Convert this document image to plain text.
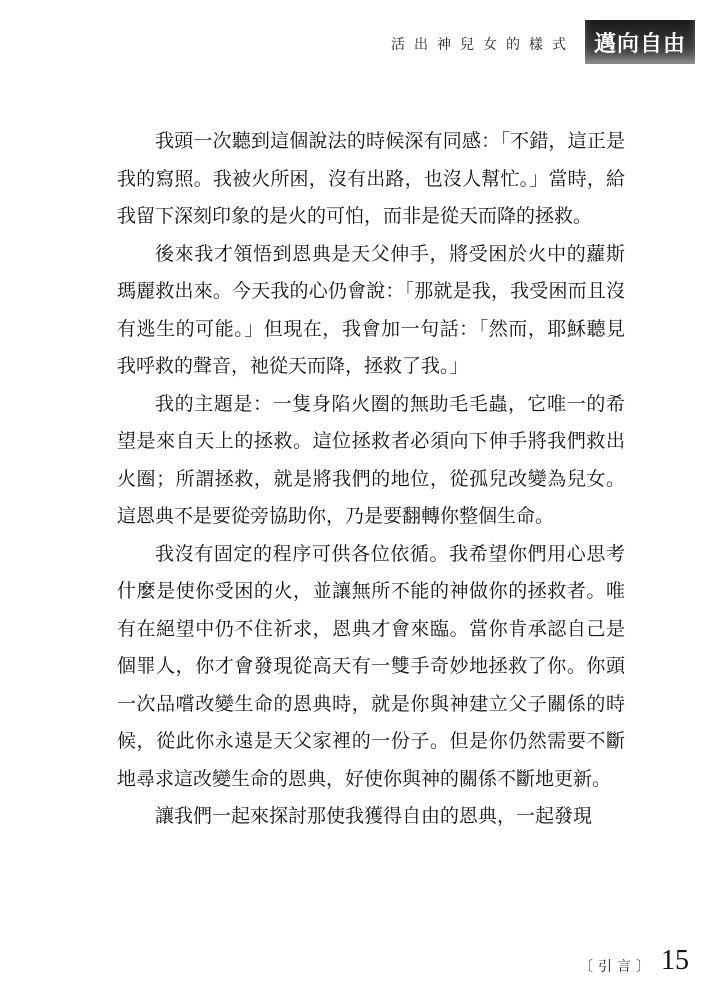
活出神兒女的樣式 邁向自由

我頭一次聽到這個說法的時候深有同感：「不錯，這正是我的寫照。我被火所困，沒有出路，也沒人幫忙。」當時，給我留下深刻印象的是火的可怕，而非是從天而降的拯救。

後來我才領悟到恩典是天父伸手，將受困於火中的蘿斯瑪麗救出來。今天我的心仍會說：「那就是我，我受困而且沒有逃生的可能。」但現在，我會加一句話：「然而，耶穌聽見我呼救的聲音，祂從天而降，拯救了我。」

我的主題是：一隻身陷火圈的無助毛毛蟲，它唯一的希望是來自天上的拯救。這位拯救者必須向下伸手將我們救出火圈；所謂拯救，就是將我們的地位，從孤兒改變為兒女。這恩典不是要從旁協助你，乃是要翻轉你整個生命。

我沒有固定的程序可供各位依循。我希望你們用心思考什麼是使你受困的火，並讓無所不能的神做你的拯救者。唯有在絕望中仍不住祈求，恩典才會來臨。當你肯承認自己是個罪人，你才會發現從高天有一雙手奇妙地拯救了你。你頭一次品嚐改變生命的恩典時，就是你與神建立父子關係的時候，從此你永遠是天父家裡的一份子。但是你仍然需要不斷地尋求這改變生命的恩典，好使你與神的關係不斷地更新。

讓我們一起來探討那使我獲得自由的恩典，一起發現

〔引言〕 15
